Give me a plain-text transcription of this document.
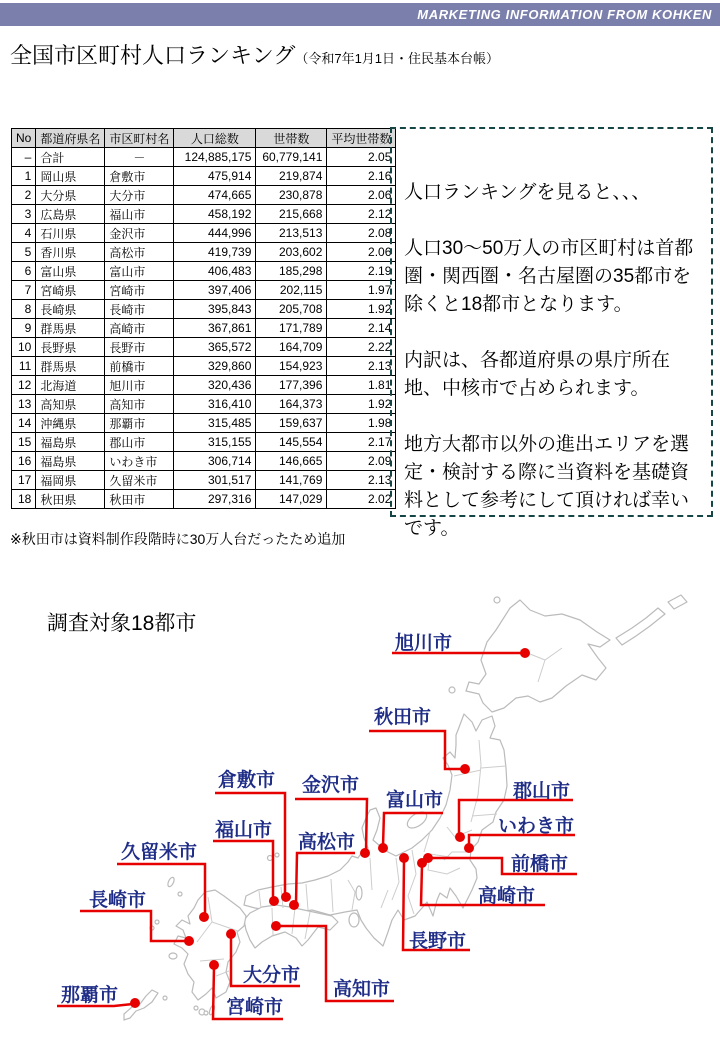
MARKETING INFORMATION FROM KOHKEN
全国市区町村人口ランキング（令和7年1月1日・住民基本台帳）
No	都道府県名	市区町村名	人口総数	世帯数	平均世帯数
–	合計	－	124,885,175	60,779,141	2.05
1	岡山県	倉敷市	475,914	219,874	2.16
2	大分県	大分市	474,665	230,878	2.06
3	広島県	福山市	458,192	215,668	2.12
4	石川県	金沢市	444,996	213,513	2.08
5	香川県	高松市	419,739	203,602	2.06
6	富山県	富山市	406,483	185,298	2.19
7	宮崎県	宮崎市	397,406	202,115	1.97
8	長崎県	長崎市	395,843	205,708	1.92
9	群馬県	高崎市	367,861	171,789	2.14
10	長野県	長野市	365,572	164,709	2.22
11	群馬県	前橋市	329,860	154,923	2.13
12	北海道	旭川市	320,436	177,396	1.81
13	高知県	高知市	316,410	164,373	1.92
14	沖縄県	那覇市	315,485	159,637	1.98
15	福島県	郡山市	315,155	145,554	2.17
16	福島県	いわき市	306,714	146,665	2.09
17	福岡県	久留米市	301,517	141,769	2.13
18	秋田県	秋田市	297,316	147,029	2.02
※秋田市は資料制作段階時に30万人台だったため追加

人口ランキングを見ると、、、

人口30～50万人の市区町村は首都圏・関西圏・名古屋圏の35都市を除くと18都市となります。

内訳は、各都道府県の県庁所在地、中核市で占められます。

地方大都市以外の進出エリアを選定・検討する際に当資料を基礎資料として参考にして頂ければ幸いです。

調査対象18都市
旭川市
秋田市
郡山市
いわき市
前橋市
高崎市
長野市
富山市
金沢市
倉敷市
福山市
高松市
高知市
久留米市
長崎市
大分市
宮崎市
那覇市
